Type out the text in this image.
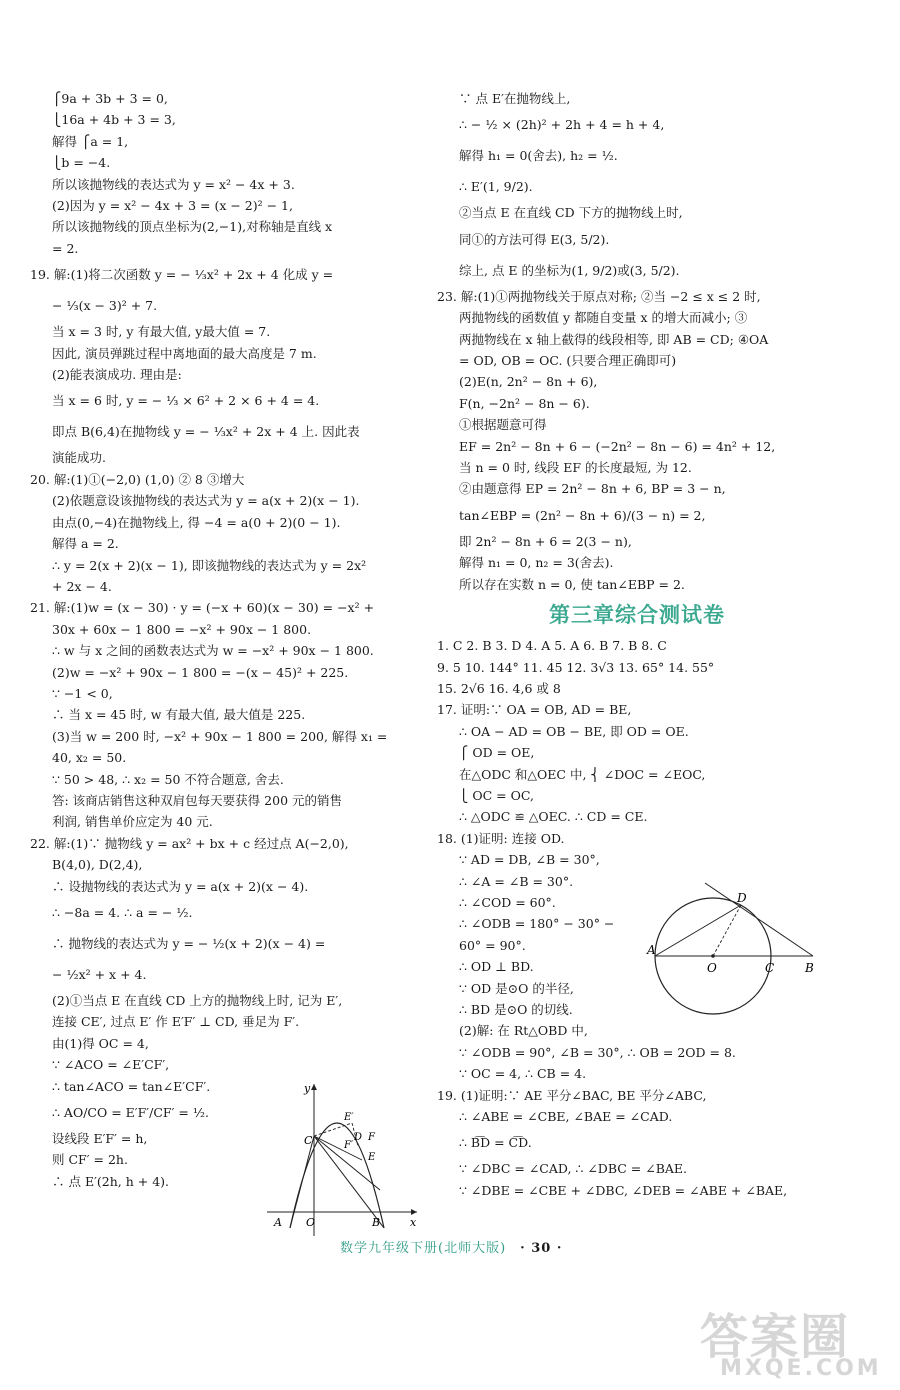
⎧9a + 3b + 3 = 0,
⎩16a + 4b + 3 = 3,
解得 ⎧a = 1,
⎩b = −4.
所以该抛物线的表达式为 y = x² − 4x + 3.
(2)因为 y = x² − 4x + 3 = (x − 2)² − 1,
所以该抛物线的顶点坐标为(2,−1),对称轴是直线 x
= 2.
19. 解:(1)将二次函数 y = − ⅓x² + 2x + 4 化成 y =
− ⅓(x − 3)² + 7.
当 x = 3 时, y 有最大值, y最大值 = 7.
因此, 演员弹跳过程中离地面的最大高度是 7 m.
(2)能表演成功. 理由是:
当 x = 6 时, y = − ⅓ × 6² + 2 × 6 + 4 = 4.
即点 B(6,4)在抛物线 y = − ⅓x² + 2x + 4 上. 因此表
演能成功.
20. 解:(1)①(−2,0) (1,0) ② 8 ③增大
(2)依题意设该抛物线的表达式为 y = a(x + 2)(x − 1).
由点(0,−4)在抛物线上, 得 −4 = a(0 + 2)(0 − 1).
解得 a = 2.
∴ y = 2(x + 2)(x − 1), 即该抛物线的表达式为 y = 2x²
+ 2x − 4.
21. 解:(1)w = (x − 30) · y = (−x + 60)(x − 30) = −x² +
30x + 60x − 1 800 = −x² + 90x − 1 800.
∴ w 与 x 之间的函数表达式为 w = −x² + 90x − 1 800.
(2)w = −x² + 90x − 1 800 = −(x − 45)² + 225.
∵ −1 < 0,
∴ 当 x = 45 时, w 有最大值, 最大值是 225.
(3)当 w = 200 时, −x² + 90x − 1 800 = 200, 解得 x₁ =
40, x₂ = 50.
∵ 50 > 48, ∴ x₂ = 50 不符合题意, 舍去.
答: 该商店销售这种双肩包每天要获得 200 元的销售
利润, 销售单价应定为 40 元.
22. 解:(1)∵ 抛物线 y = ax² + bx + c 经过点 A(−2,0),
B(4,0), D(2,4),
∴ 设抛物线的表达式为 y = a(x + 2)(x − 4).
∴ −8a = 4. ∴ a = − ½.
∴ 抛物线的表达式为 y = − ½(x + 2)(x − 4) =
− ½x² + x + 4.
(2)①当点 E 在直线 CD 上方的抛物线上时, 记为 E′,
连接 CE′, 过点 E′ 作 E′F′ ⊥ CD, 垂足为 F′.
由(1)得 OC = 4,
∵ ∠ACO = ∠E′CF′,
∴ tan∠ACO = tan∠E′CF′.
∴ AO/CO = E′F′/CF′ = ½.
设线段 E′F′ = h,
则 CF′ = 2h.
∴ 点 E′(2h, h + 4).
∵ 点 E′在抛物线上,
∴ − ½ × (2h)² + 2h + 4 = h + 4,
解得 h₁ = 0(舍去), h₂ = ½.
∴ E′(1, 9/2).
②当点 E 在直线 CD 下方的抛物线上时,
同①的方法可得 E(3, 5/2).
综上, 点 E 的坐标为(1, 9/2)或(3, 5/2).
23. 解:(1)①两抛物线关于原点对称; ②当 −2 ≤ x ≤ 2 时,
两抛物线的函数值 y 都随自变量 x 的增大而减小; ③
两抛物线在 x 轴上截得的线段相等, 即 AB = CD; ④OA
= OD, OB = OC. (只要合理正确即可)
(2)E(n, 2n² − 8n + 6),
F(n, −2n² − 8n − 6).
①根据题意可得
EF = 2n² − 8n + 6 − (−2n² − 8n − 6) = 4n² + 12,
当 n = 0 时, 线段 EF 的长度最短, 为 12.
②由题意得 EP = 2n² − 8n + 6, BP = 3 − n,
tan∠EBP = (2n² − 8n + 6)/(3 − n) = 2,
即 2n² − 8n + 6 = 2(3 − n),
解得 n₁ = 0, n₂ = 3(舍去).
所以存在实数 n = 0, 使 tan∠EBP = 2.
第三章综合测试卷
1. C 2. B 3. D 4. A 5. A 6. B 7. B 8. C
9. 5 10. 144° 11. 45 12. 3√3 13. 65° 14. 55°
15. 2√6 16. 4,6 或 8
17. 证明:∵ OA = OB, AD = BE,
∴ OA − AD = OB − BE, 即 OD = OE.
⎧ OD = OE,
在△ODC 和△OEC 中, ⎨ ∠DOC = ∠EOC,
⎩ OC = OC,
∴ △ODC ≌ △OEC. ∴ CD = CE.
18. (1)证明: 连接 OD.
∵ AD = DB, ∠B = 30°,
∴ ∠A = ∠B = 30°.
∴ ∠COD = 60°.
∴ ∠ODB = 180° − 30° −
60° = 90°.
∴ OD ⊥ BD.
∵ OD 是⊙O 的半径,
∴ BD 是⊙O 的切线.
(2)解: 在 Rt△OBD 中,
∵ ∠ODB = 90°, ∠B = 30°, ∴ OB = 2OD = 8.
∵ OC = 4, ∴ CB = 4.
19. (1)证明:∵ AE 平分∠BAC, BE 平分∠ABC,
∴ ∠ABE = ∠CBE, ∠BAE = ∠CAD.
∴ B͡D = C͡D.
∵ ∠DBC = ∠CAD, ∴ ∠DBC = ∠BAE.
∵ ∠DBE = ∠CBE + ∠DBC, ∠DEB = ∠ABE + ∠BAE,
y
x
A O	B
C	D
E′
F′
F
E
A
O	C	B
D
数学九年级下册(北师大版) · 30 ·
答案圈
MXQE.COM
